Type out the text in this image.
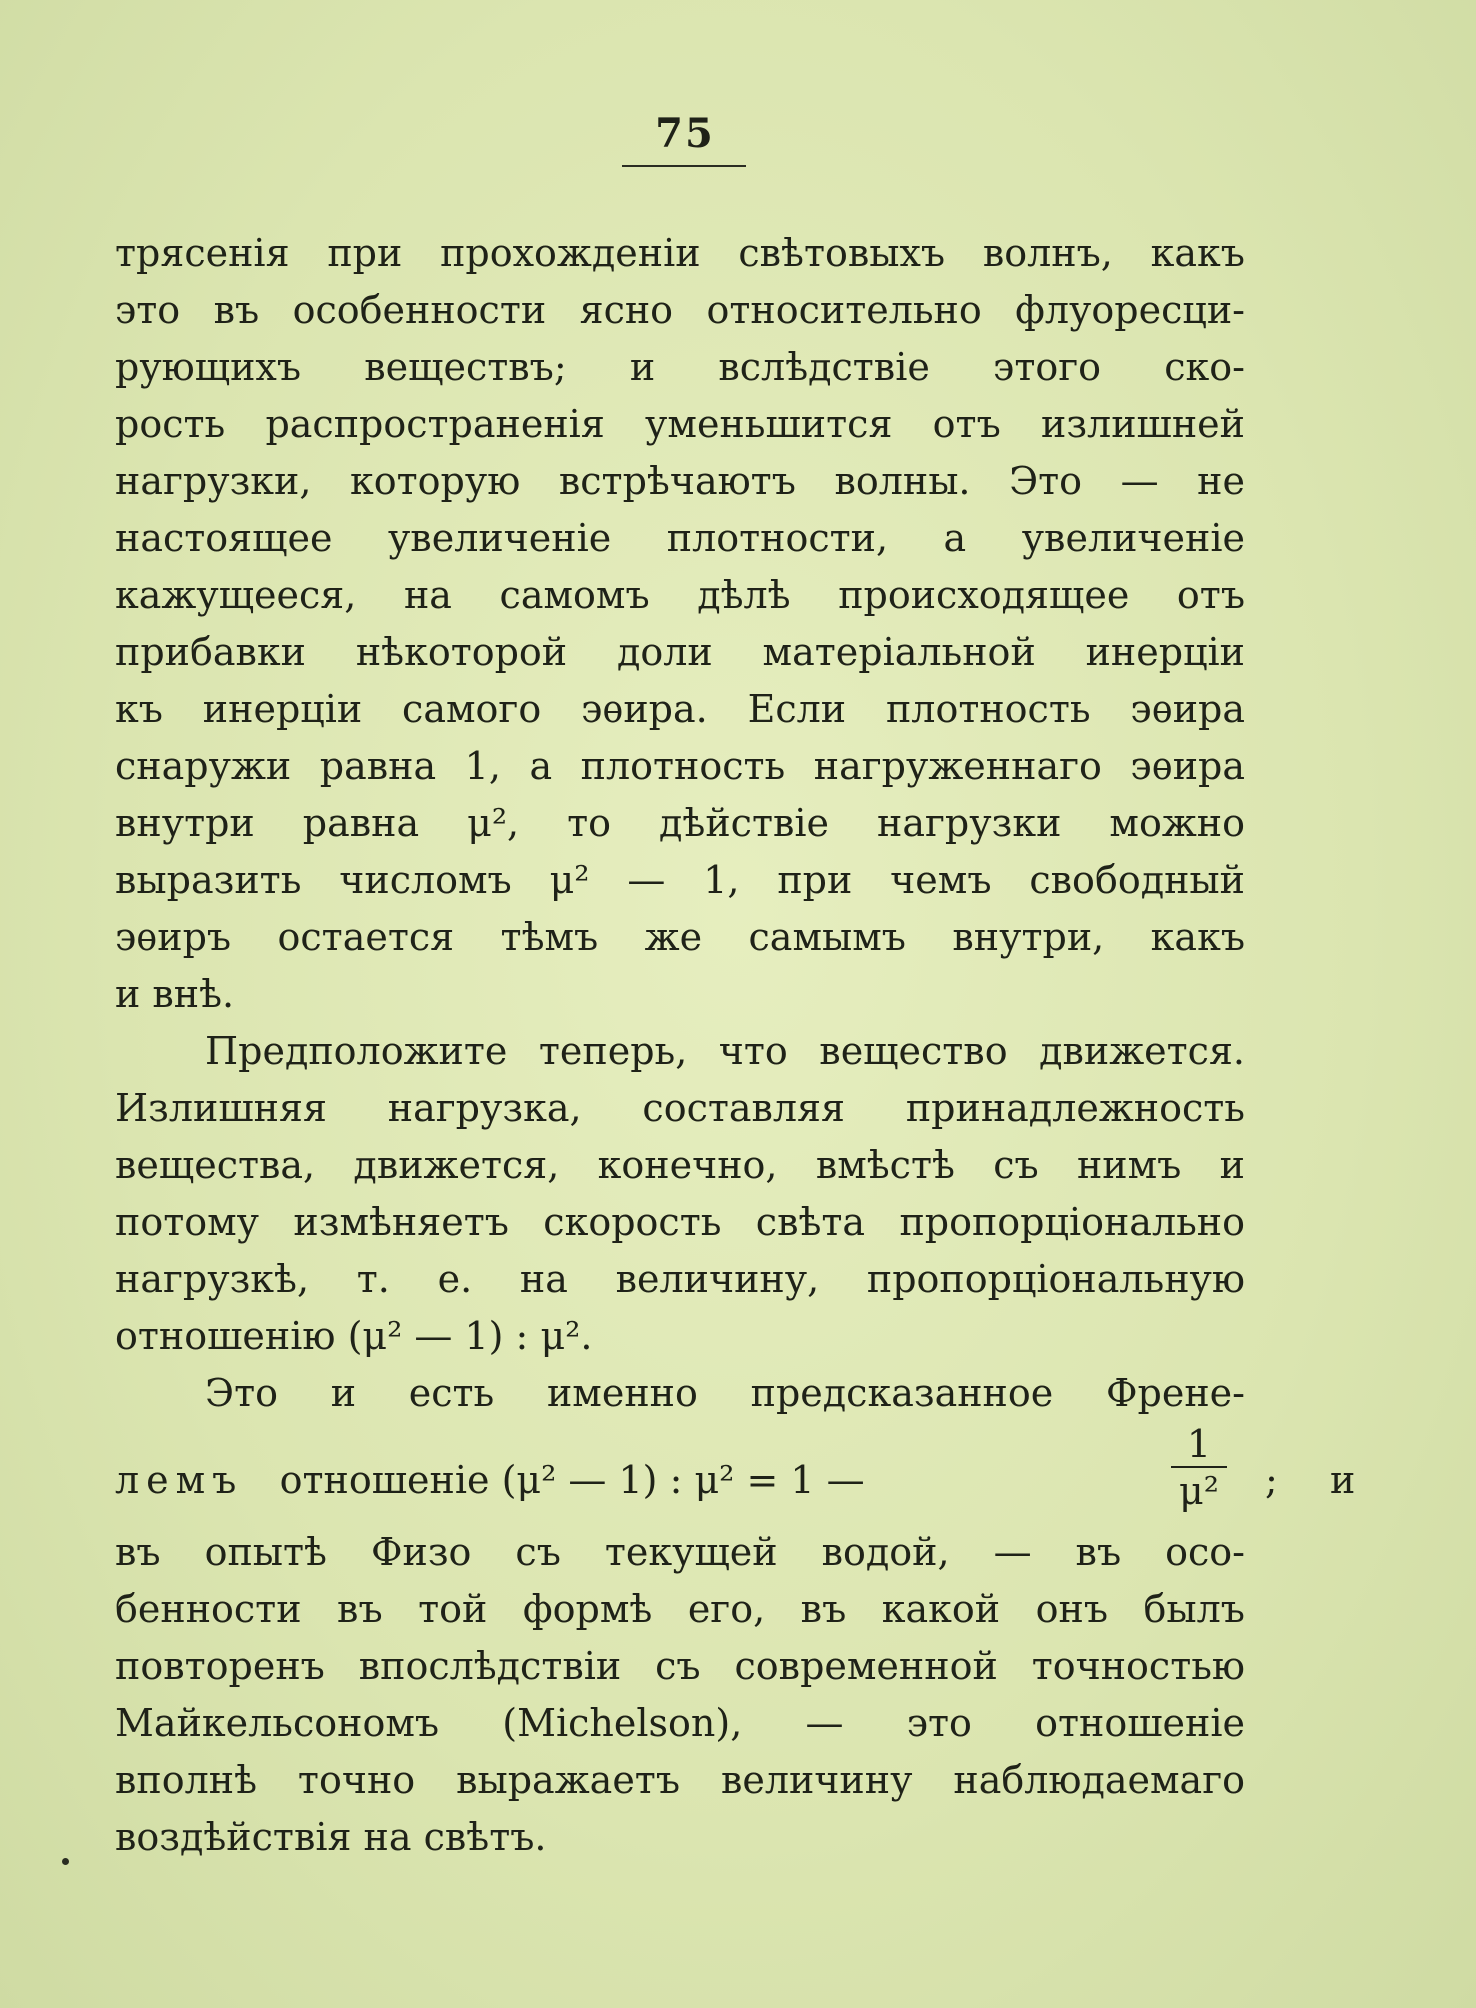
75
трясенія при прохожденіи свѣтовыхъ волнъ, какъ
это въ особенности ясно относительно флуоресци-
рующихъ веществъ; и вслѣдствіе этого ско-
рость распространенія уменьшится отъ излишней
нагрузки, которую встрѣчаютъ волны. Это — не
настоящее увеличеніе плотности, а увеличеніе
кажущееся, на самомъ дѣлѣ происходящее отъ
прибавки нѣкоторой доли матеріальной инерціи
къ инерціи самого эѳира. Если плотность эѳира
снаружи равна 1, а плотность нагруженнаго эѳира
внутри равна μ², то дѣйствіе нагрузки можно
выразить числомъ μ² — 1, при чемъ свободный
эѳиръ остается тѣмъ же самымъ внутри, какъ
и внѣ.
Предположите теперь, что вещество движется.
Излишняя нагрузка, составляя принадлежность
вещества, движется, конечно, вмѣстѣ съ нимъ и
потому измѣняетъ скорость свѣта пропорціонально
нагрузкѣ, т. е. на величину, пропорціональную
отношенію (μ² — 1) : μ².
Это и есть именно предсказанное Френе-
лемъ отношеніе (μ² — 1) : μ² = 1 —
1
μ² ; и
въ опытѣ Физо съ текущей водой, — въ осо-
бенности въ той формѣ его, въ какой онъ былъ
повторенъ впослѣдствіи съ современной точностью
Майкельсономъ (Michelson), — это отношеніе
вполнѣ точно выражаетъ величину наблюдаемаго
воздѣйствія на свѣтъ.
